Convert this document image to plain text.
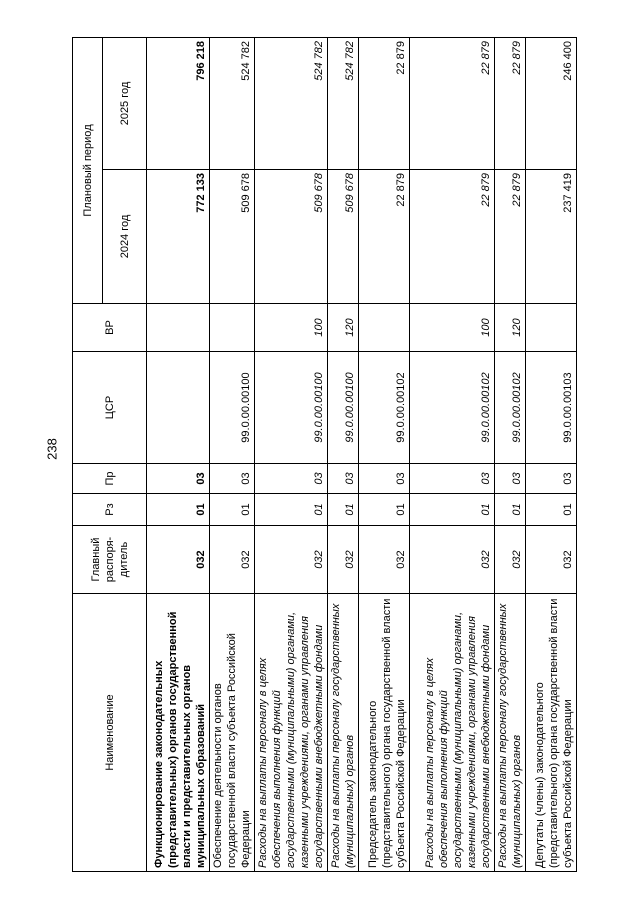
238
Наименование	Главный распоря-дитель	Рз	Пр	ЦСР	ВР	Плановый период	
						2024 год	2025 год
Функционирование законодательных (представительных) органов государственной власти и представительных органов муниципальных образований	032	01	03			772 133	796 218
Обеспечение деятельности органов государственной власти субъекта Российской Федерации	032	01	03	99.0.00.00100		509 678	524 782
Расходы на выплаты персоналу в целях обеспечения выполнения функций государственными (муниципальными) органами, казенными учреждениями, органами управления государственными внебюджетными фондами	032	01	03	99.0.00.00100	100	509 678	524 782
Расходы на выплаты персоналу государственных (муниципальных) органов	032	01	03	99.0.00.00100	120	509 678	524 782
Председатель законодательного (представительного) органа государственной власти субъекта Российской Федерации	032	01	03	99.0.00.00102		22 879	22 879
Расходы на выплаты персоналу в целях обеспечения выполнения функций государственными (муниципальными) органами, казенными учреждениями, органами управления государственными внебюджетными фондами	032	01	03	99.0.00.00102	100	22 879	22 879
Расходы на выплаты персоналу государственных (муниципальных) органов	032	01	03	99.0.00.00102	120	22 879	22 879
Депутаты (члены) законодательного (представительного) органа государственной власти субъекта Российской Федерации	032	01	03	99.0.00.00103		237 419	246 400
